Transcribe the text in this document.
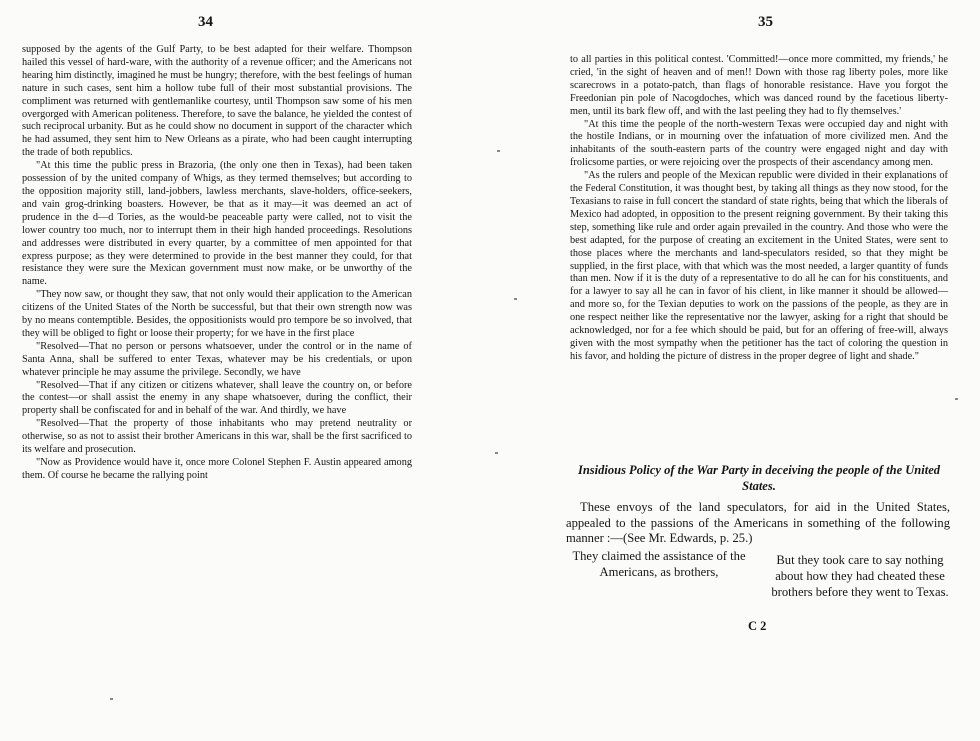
34

supposed by the agents of the Gulf Party, to be best adapted for their welfare. Thompson hailed this vessel of hard-ware, with the authority of a revenue officer; and the Americans not hearing him distinctly, imagined he must be hungry; therefore, with the best feelings of human nature in such cases, sent him a hollow tube full of their most substantial provisions. The compliment was returned with gentlemanlike courtesy, until Thompson saw some of his men overgorged with American politeness. Therefore, to save the balance, he yielded the contest of such reciprocal urbanity. But as he could show no document in support of the character which he had assumed, they sent him to New Orleans as a pirate, who had been caught interrupting the trade of both republics.

"At this time the public press in Brazoria, (the only one then in Texas), had been taken possession of by the united company of Whigs, as they termed themselves; but according to the opposition majority still, land-jobbers, lawless merchants, slave-holders, office-seekers, and vain grog-drinking boasters. However, be that as it may—it was deemed an act of prudence in the d—d Tories, as the would-be peaceable party were called, not to visit the lower country too much, nor to interrupt them in their high handed proceedings. Resolutions and addresses were distributed in every quarter, by a committee of men appointed for that express purpose; as they were determined to provide in the best manner they could, for that resistance they were sure the Mexican government must now make, or be unworthy of the name.

"They now saw, or thought they saw, that not only would their application to the American citizens of the United States of the North be successful, but that their own strength now was by no means contemptible. Besides, the oppositionists would pro tempore be so involved, that they will be obliged to fight or loose their property; for we have in the first place

"Resolved—That no person or persons whatsoever, under the control or in the name of Santa Anna, shall be suffered to enter Texas, whatever may be his credentials, or upon whatever principle he may assume the privilege. Secondly, we have

"Resolved—That if any citizen or citizens whatever, shall leave the country on, or before the contest—or shall assist the enemy in any shape whatsoever, during the conflict, their property shall be confiscated for and in behalf of the war. And thirdly, we have

"Resolved—That the property of those inhabitants who may pretend neutrality or otherwise, so as not to assist their brother Americans in this war, shall be the first sacrificed to its welfare and prosecution.

"Now as Providence would have it, once more Colonel Stephen F. Austin appeared among them. Of course he became the rallying point

35

to all parties in this political contest. 'Committed!—once more committed, my friends,' he cried, 'in the sight of heaven and of men!! Down with those rag liberty poles, more like scarecrows in a potato-patch, than flags of honorable resistance. Have you forgot the Freedonian pin pole of Nacogdoches, which was danced round by the facetious liberty-men, until its bark flew off, and with the last peeling they had to fly themselves.'

"At this time the people of the north-western Texas were occupied day and night with the hostile Indians, or in mourning over the infatuation of more civilized men. And the inhabitants of the south-eastern parts of the country were engaged night and day with frolicsome parties, or were rejoicing over the prospects of their ascendancy among men.

"As the rulers and people of the Mexican republic were divided in their explanations of the Federal Constitution, it was thought best, by taking all things as they now stood, for the Texasians to raise in full concert the standard of state rights, being that which the liberals of Mexico had adopted, in opposition to the present reigning government. By their taking this step, something like rule and order again prevailed in the country. And those who were the best adapted, for the purpose of creating an excitement in the United States, were sent to those places where the merchants and land-speculators resided, so that they might be supplied, in the first place, with that which was the most needed, a larger quantity of funds than men. Now if it is the duty of a representative to do all he can for his constituents, and for a lawyer to say all he can in favor of his client, in like manner it should be allowed—and more so, for the Texian deputies to work on the passions of the people, as they are in one respect neither like the representative nor the lawyer, asking for a right that should be acknowledged, nor for a fee which should be paid, but for an offering of free-will, always given with the most sympathy when the petitioner has the tact of coloring the question in his favor, and holding the picture of distress in the proper degree of light and shade."

Insidious Policy of the War Party in deceiving the people of the United States.

These envoys of the land speculators, for aid in the United States, appealed to the passions of the Americans in something of the following manner :—(See Mr. Edwards, p. 25.)

They claimed the assistance of the Americans, as brothers,
But they took care to say nothing about how they had cheated these brothers before they went to Texas.
C 2
